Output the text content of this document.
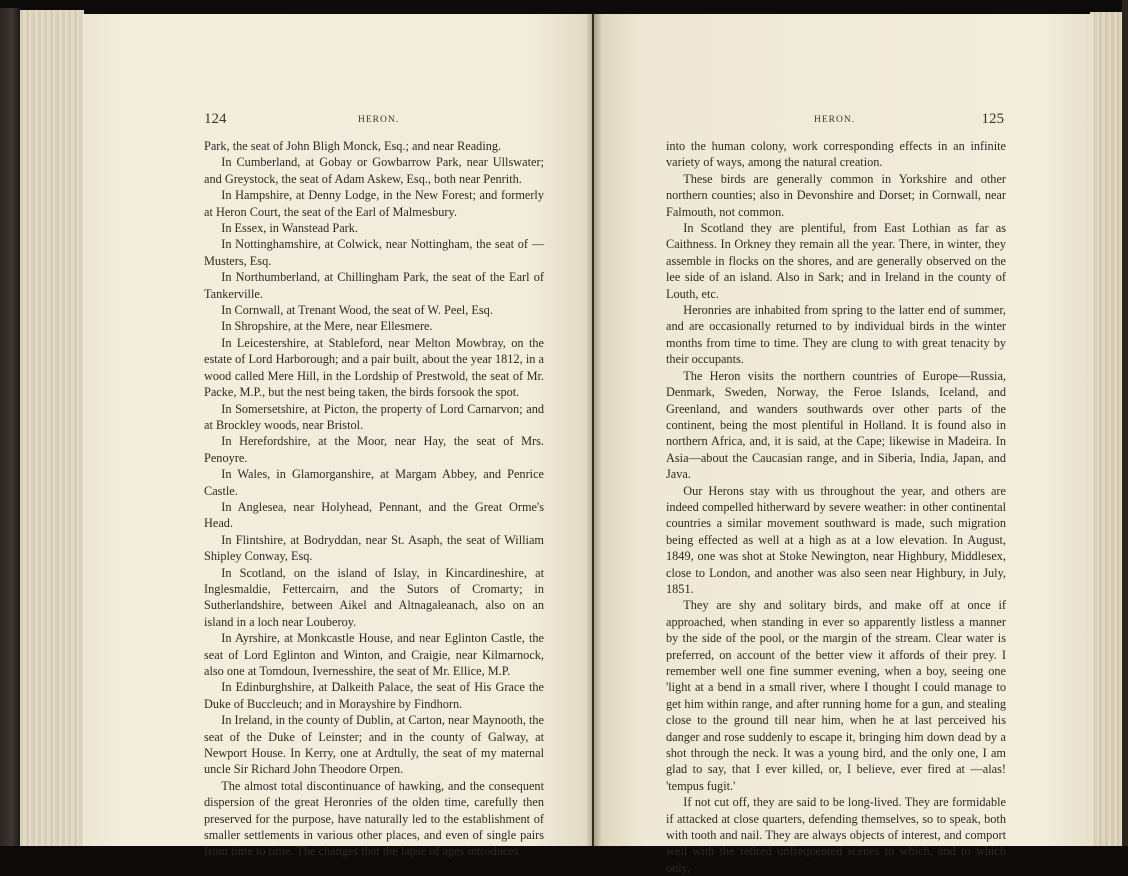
124	HERON.

Park, the seat of John Bligh Monck, Esq.; and near Reading.

In Cumberland, at Gobay or Gowbarrow Park, near Ullswater; and Greystock, the seat of Adam Askew, Esq., both near Penrith.

In Hampshire, at Denny Lodge, in the New Forest; and formerly at Heron Court, the seat of the Earl of Malmesbury.

In Essex, in Wanstead Park.

In Nottinghamshire, at Colwick, near Nottingham, the seat of — Musters, Esq.

In Northumberland, at Chillingham Park, the seat of the Earl of Tankerville.

In Cornwall, at Trenant Wood, the seat of W. Peel, Esq.

In Shropshire, at the Mere, near Ellesmere.

In Leicestershire, at Stableford, near Melton Mowbray, on the estate of Lord Harborough; and a pair built, about the year 1812, in a wood called Mere Hill, in the Lordship of Prestwold, the seat of Mr. Packe, M.P., but the nest being taken, the birds forsook the spot.

In Somersetshire, at Picton, the property of Lord Carnarvon; and at Brockley woods, near Bristol.

In Herefordshire, at the Moor, near Hay, the seat of Mrs. Penoyre.

In Wales, in Glamorganshire, at Margam Abbey, and Penrice Castle.

In Anglesea, near Holyhead, Pennant, and the Great Orme's Head.

In Flintshire, at Bodryddan, near St. Asaph, the seat of William Shipley Conway, Esq.

In Scotland, on the island of Islay, in Kincardineshire, at Inglesmaldie, Fettercairn, and the Sutors of Cromarty; in Sutherlandshire, between Aikel and Altnagaleanach, also on an island in a loch near Louberoy.

In Ayrshire, at Monkcastle House, and near Eglinton Castle, the seat of Lord Eglinton and Winton, and Craigie, near Kilmarnock, also one at Tomdoun, Ivernesshire, the seat of Mr. Ellice, M.P.

In Edinburghshire, at Dalkeith Palace, the seat of His Grace the Duke of Buccleuch; and in Morayshire by Findhorn.

In Ireland, in the county of Dublin, at Carton, near Maynooth, the seat of the Duke of Leinster; and in the county of Galway, at Newport House. In Kerry, one at Ardtully, the seat of my maternal uncle Sir Richard John Theodore Orpen.

The almost total discontinuance of hawking, and the consequent dispersion of the great Heronries of the olden time, carefully then preserved for the purpose, have naturally led to the establishment of smaller settlements in various other places, and even of single pairs from time to time. The changes that the lapse of ages introduces

HERON.	125

into the human colony, work corresponding effects in an infinite variety of ways, among the natural creation.

These birds are generally common in Yorkshire and other northern counties; also in Devonshire and Dorset; in Cornwall, near Falmouth, not common.

In Scotland they are plentiful, from East Lothian as far as Caithness. In Orkney they remain all the year. There, in winter, they assemble in flocks on the shores, and are generally observed on the lee side of an island. Also in Sark; and in Ireland in the county of Louth, etc.

Heronries are inhabited from spring to the latter end of summer, and are occasionally returned to by individual birds in the winter months from time to time. They are clung to with great tenacity by their occupants.

The Heron visits the northern countries of Europe—Russia, Denmark, Sweden, Norway, the Feroe Islands, Iceland, and Greenland, and wanders southwards over other parts of the continent, being the most plentiful in Holland. It is found also in northern Africa, and, it is said, at the Cape; likewise in Madeira. In Asia—about the Caucasian range, and in Siberia, India, Japan, and Java.

Our Herons stay with us throughout the year, and others are indeed compelled hitherward by severe weather: in other continental countries a similar movement southward is made, such migration being effected as well at a high as at a low elevation. In August, 1849, one was shot at Stoke Newington, near Highbury, Middlesex, close to London, and another was also seen near Highbury, in July, 1851.

They are shy and solitary birds, and make off at once if approached, when standing in ever so apparently listless a manner by the side of the pool, or the margin of the stream. Clear water is preferred, on account of the better view it affords of their prey. I remember well one fine summer evening, when a boy, seeing one 'light at a bend in a small river, where I thought I could manage to get him within range, and after running home for a gun, and stealing close to the ground till near him, when he at last perceived his danger and rose suddenly to escape it, bringing him down dead by a shot through the neck. It was a young bird, and the only one, I am glad to say, that I ever killed, or, I believe, ever fired at —alas! 'tempus fugit.'

If not cut off, they are said to be long-lived. They are formidable if attacked at close quarters, defending themselves, so to speak, both with tooth and nail. They are always objects of interest, and comport well with the retired unfrequented scenes to which, and to which only,
